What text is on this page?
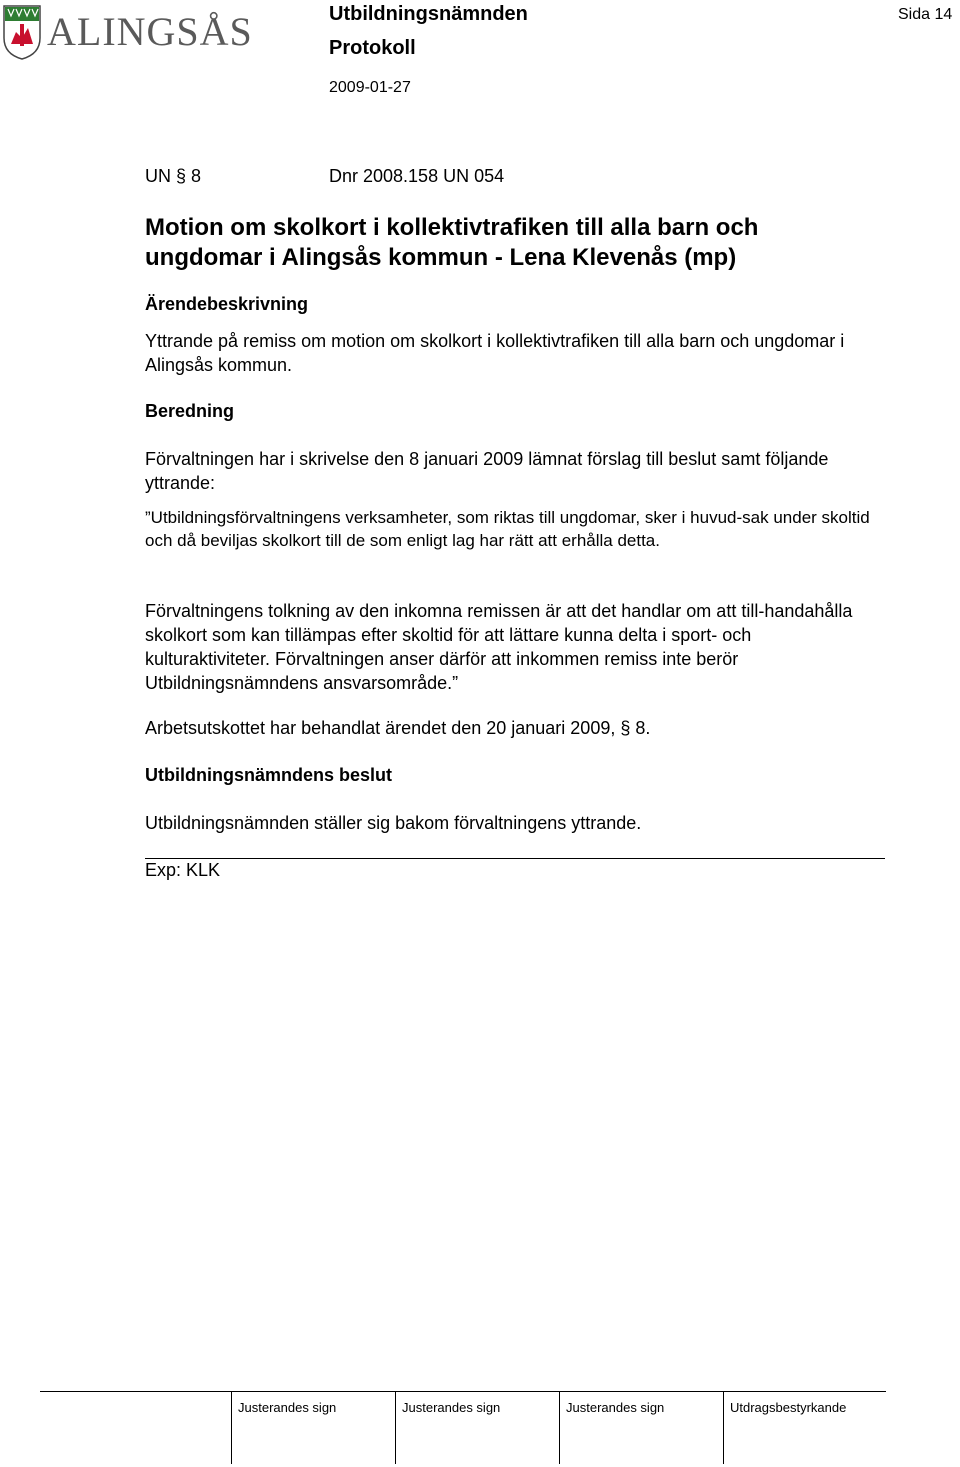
ALINGSÅS	Utbildningsnämnden
Protokoll
2009-01-27
Sida 14
UN § 8	Dnr 2008.158 UN 054
Motion om skolkort i kollektivtrafiken till alla barn och ungdomar i Alingsås kommun - Lena Klevenås (mp)
Ärendebeskrivning
Yttrande på remiss om motion om skolkort i kollektivtrafiken till alla barn och ungdomar i Alingsås kommun.
Beredning
Förvaltningen har i skrivelse den 8 januari 2009 lämnat förslag till beslut samt följande yttrande:
”Utbildningsförvaltningens verksamheter, som riktas till ungdomar, sker i huvud-sak under skoltid och då beviljas skolkort till de som enligt lag har rätt att erhålla detta.
Förvaltningens tolkning av den inkomna remissen är att det handlar om att till-handahålla skolkort som kan tillämpas efter skoltid för att lättare kunna delta i sport- och kulturaktiviteter. Förvaltningen anser därför att inkommen remiss inte berör Utbildningsnämndens ansvarsområde.”
Arbetsutskottet har behandlat ärendet den 20 januari 2009, § 8.
Utbildningsnämndens beslut
Utbildningsnämnden ställer sig bakom förvaltningens yttrande.
Exp: KLK
Justerandes sign	Justerandes sign	Justerandes sign	Utdragsbestyrkande
